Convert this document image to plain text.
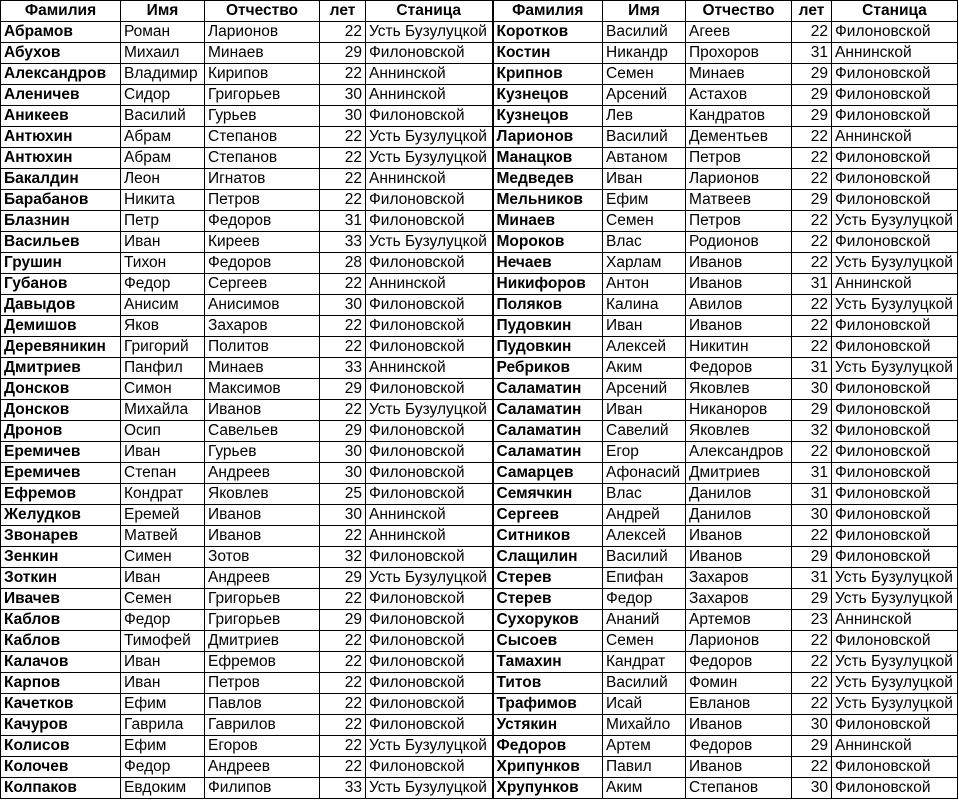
Фамилия	Имя	Отчество	лет	Станица	Фамилия	Имя	Отчество	лет	Станица
Абрамов	Роман	Ларионов	22	Усть Бузулуцкой	Коротков	Василий	Агеев	22	Филоновской
Абухов	Михаил	Минаев	29	Филоновской	Костин	Никандр	Прохоров	31	Аннинской
Александров	Владимир	Кирипов	22	Аннинской	Крипнов	Семен	Минаев	29	Филоновской
Аленичев	Сидор	Григорьев	30	Аннинской	Кузнецов	Арсений	Астахов	29	Филоновской
Аникеев	Василий	Гурьев	30	Филоновской	Кузнецов	Лев	Кандратов	29	Филоновской
Антюхин	Абрам	Степанов	22	Усть Бузулуцкой	Ларионов	Василий	Дементьев	22	Аннинской
Антюхин	Абрам	Степанов	22	Усть Бузулуцкой	Манацков	Автаном	Петров	22	Филоновской
Бакалдин	Леон	Игнатов	22	Аннинской	Медведев	Иван	Ларионов	22	Филоновской
Барабанов	Никита	Петров	22	Филоновской	Мельников	Ефим	Матвеев	29	Филоновской
Блазнин	Петр	Федоров	31	Филоновской	Минаев	Семен	Петров	22	Усть Бузулуцкой
Васильев	Иван	Киреев	33	Усть Бузулуцкой	Мороков	Влас	Родионов	22	Филоновской
Грушин	Тихон	Федоров	28	Филоновской	Нечаев	Харлам	Иванов	22	Усть Бузулуцкой
Губанов	Федор	Сергеев	22	Аннинской	Никифоров	Антон	Иванов	31	Аннинской
Давыдов	Анисим	Анисимов	30	Филоновской	Поляков	Калина	Авилов	22	Усть Бузулуцкой
Демишов	Яков	Захаров	22	Филоновской	Пудовкин	Иван	Иванов	22	Филоновской
Деревяникин	Григорий	Политов	22	Филоновской	Пудовкин	Алексей	Никитин	22	Филоновской
Дмитриев	Панфил	Минаев	33	Аннинской	Ребриков	Аким	Федоров	31	Усть Бузулуцкой
Донсков	Симон	Максимов	29	Филоновской	Саламатин	Арсений	Яковлев	30	Филоновской
Донсков	Михайла	Иванов	22	Усть Бузулуцкой	Саламатин	Иван	Никаноров	29	Филоновской
Дронов	Осип	Савельев	29	Филоновской	Саламатин	Савелий	Яковлев	32	Филоновской
Еремичев	Иван	Гурьев	30	Филоновской	Саламатин	Егор	Александров	22	Филоновской
Еремичев	Степан	Андреев	30	Филоновской	Самарцев	Афонасий	Дмитриев	31	Филоновской
Ефремов	Кондрат	Яковлев	25	Филоновской	Семячкин	Влас	Данилов	31	Филоновской
Желудков	Еремей	Иванов	30	Аннинской	Сергеев	Андрей	Данилов	30	Филоновской
Звонарев	Матвей	Иванов	22	Аннинской	Ситников	Алексей	Иванов	22	Филоновской
Зенкин	Симен	Зотов	32	Филоновской	Слащилин	Василий	Иванов	29	Филоновской
Зоткин	Иван	Андреев	29	Усть Бузулуцкой	Стерев	Епифан	Захаров	31	Усть Бузулуцкой
Ивачев	Семен	Григорьев	22	Филоновской	Стерев	Федор	Захаров	29	Усть Бузулуцкой
Каблов	Федор	Григорьев	29	Филоновской	Сухоруков	Ананий	Артемов	23	Аннинской
Каблов	Тимофей	Дмитриев	22	Филоновской	Сысоев	Семен	Ларионов	22	Филоновской
Калачов	Иван	Ефремов	22	Филоновской	Тамахин	Кандрат	Федоров	22	Усть Бузулуцкой
Карпов	Иван	Петров	22	Филоновской	Титов	Василий	Фомин	22	Усть Бузулуцкой
Качетков	Ефим	Павлов	22	Филоновской	Трафимов	Исай	Евланов	22	Усть Бузулуцкой
Качуров	Гаврила	Гаврилов	22	Филоновской	Устякин	Михайло	Иванов	30	Филоновской
Колисов	Ефим	Егоров	22	Усть Бузулуцкой	Федоров	Артем	Федоров	29	Аннинской
Колочев	Федор	Андреев	22	Филоновской	Хрипунков	Павил	Иванов	22	Филоновской
Колпаков	Евдоким	Филипов	33	Усть Бузулуцкой	Хрупунков	Аким	Степанов	30	Филоновской
